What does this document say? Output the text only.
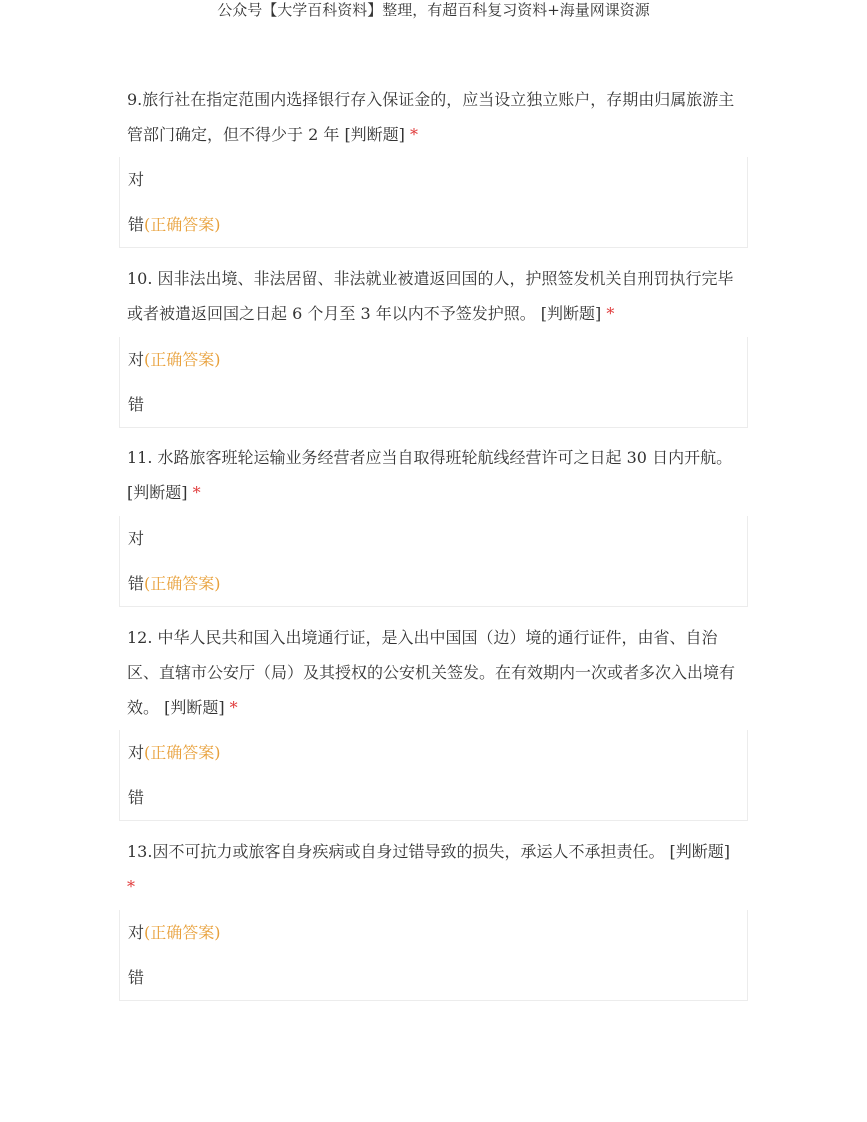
公众号【大学百科资料】整理，有超百科复习资料+海量网课资源
9.旅行社在指定范围内选择银行存入保证金的，应当设立独立账户，存期由归属旅游主管部门确定，但不得少于 2 年 [判断题] *
对
错(正确答案)
10. 因非法出境、非法居留、非法就业被遣返回国的人，护照签发机关自刑罚执行完毕或者被遣返回国之日起 6 个月至 3 年以内不予签发护照。 [判断题] *
对(正确答案)
错
11. 水路旅客班轮运输业务经营者应当自取得班轮航线经营许可之日起 30 日内开航。 [判断题] *
对
错(正确答案)
12. 中华人民共和国入出境通行证，是入出中国国（边）境的通行证件，由省、自治区、直辖市公安厅（局）及其授权的公安机关签发。在有效期内一次或者多次入出境有效。 [判断题] *
对(正确答案)
错
13.因不可抗力或旅客自身疾病或自身过错导致的损失，承运人不承担责任。 [判断题] *
对(正确答案)
错
